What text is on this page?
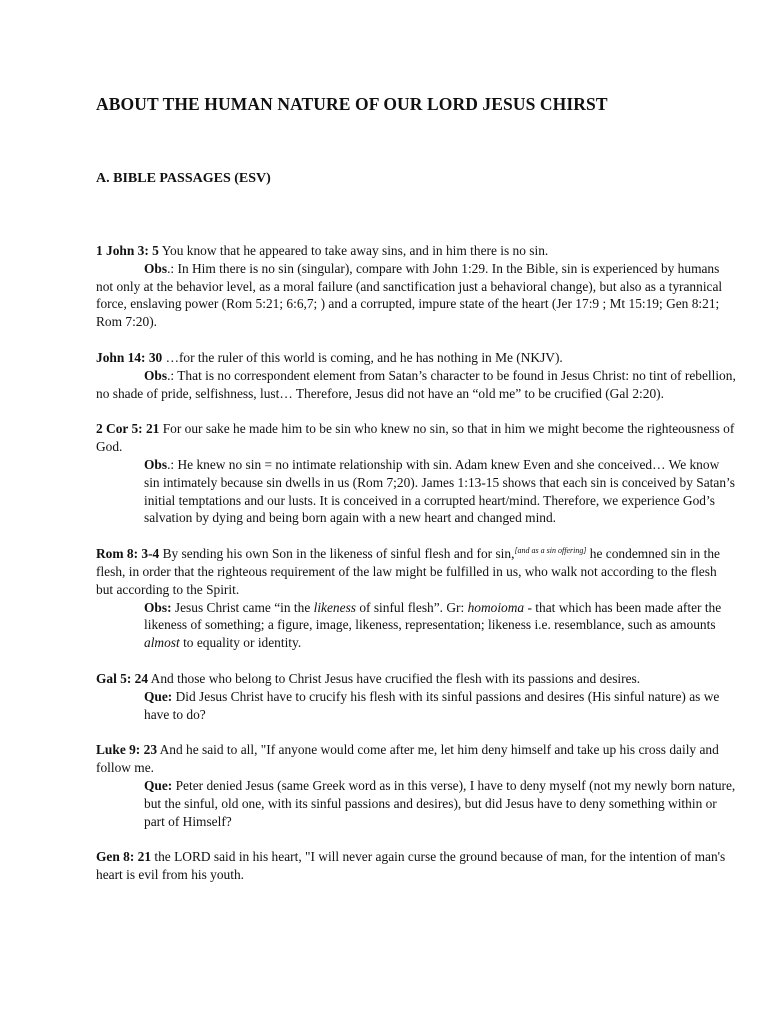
ABOUT THE HUMAN NATURE OF OUR LORD JESUS CHIRST
A. BIBLE PASSAGES (ESV)

1 John 3: 5 You know that he appeared to take away sins, and in him there is no sin.

Obs.: In Him there is no sin (singular), compare with John 1:29. In the Bible, sin is experienced by humans not only at the behavior level, as a moral failure (and sanctification just a behavioral change), but also as a tyrannical force, enslaving power (Rom 5:21; 6:6,7; ) and a corrupted, impure state of the heart (Jer 17:9 ; Mt 15:19; Gen 8:21; Rom 7:20).

John 14: 30 …for the ruler of this world is coming, and he has nothing in Me (NKJV).

Obs.: That is no correspondent element from Satan’s character to be found in Jesus Christ: no tint of rebellion, no shade of pride, selfishness, lust… Therefore, Jesus did not have an “old me” to be crucified (Gal 2:20).

2 Cor 5: 21 For our sake he made him to be sin who knew no sin, so that in him we might become the righteousness of God.

Obs.: He knew no sin = no intimate relationship with sin. Adam knew Even and she conceived… We know sin intimately because sin dwells in us (Rom 7;20). James 1:13-15 shows that each sin is conceived by Satan’s initial temptations and our lusts. It is conceived in a corrupted heart/mind. Therefore, we experience God’s salvation by dying and being born again with a new heart and changed mind.

Rom 8: 3-4 By sending his own Son in the likeness of sinful flesh and for sin,[and as a sin offering] he condemned sin in the flesh, in order that the righteous requirement of the law might be fulfilled in us, who walk not according to the flesh but according to the Spirit.

Obs: Jesus Christ came “in the likeness of sinful flesh”. Gr: homoioma - that which has been made after the likeness of something; a figure, image, likeness, representation; likeness i.e. resemblance, such as amounts almost to equality or identity.

Gal 5: 24 And those who belong to Christ Jesus have crucified the flesh with its passions and desires.

Que: Did Jesus Christ have to crucify his flesh with its sinful passions and desires (His sinful nature) as we have to do?

Luke 9: 23 And he said to all, "If anyone would come after me, let him deny himself and take up his cross daily and follow me.

Que: Peter denied Jesus (same Greek word as in this verse), I have to deny myself (not my newly born nature, but the sinful, old one, with its sinful passions and desires), but did Jesus have to deny something within or part of Himself?

Gen 8: 21 the LORD said in his heart, "I will never again curse the ground because of man, for the intention of man's heart is evil from his youth.
